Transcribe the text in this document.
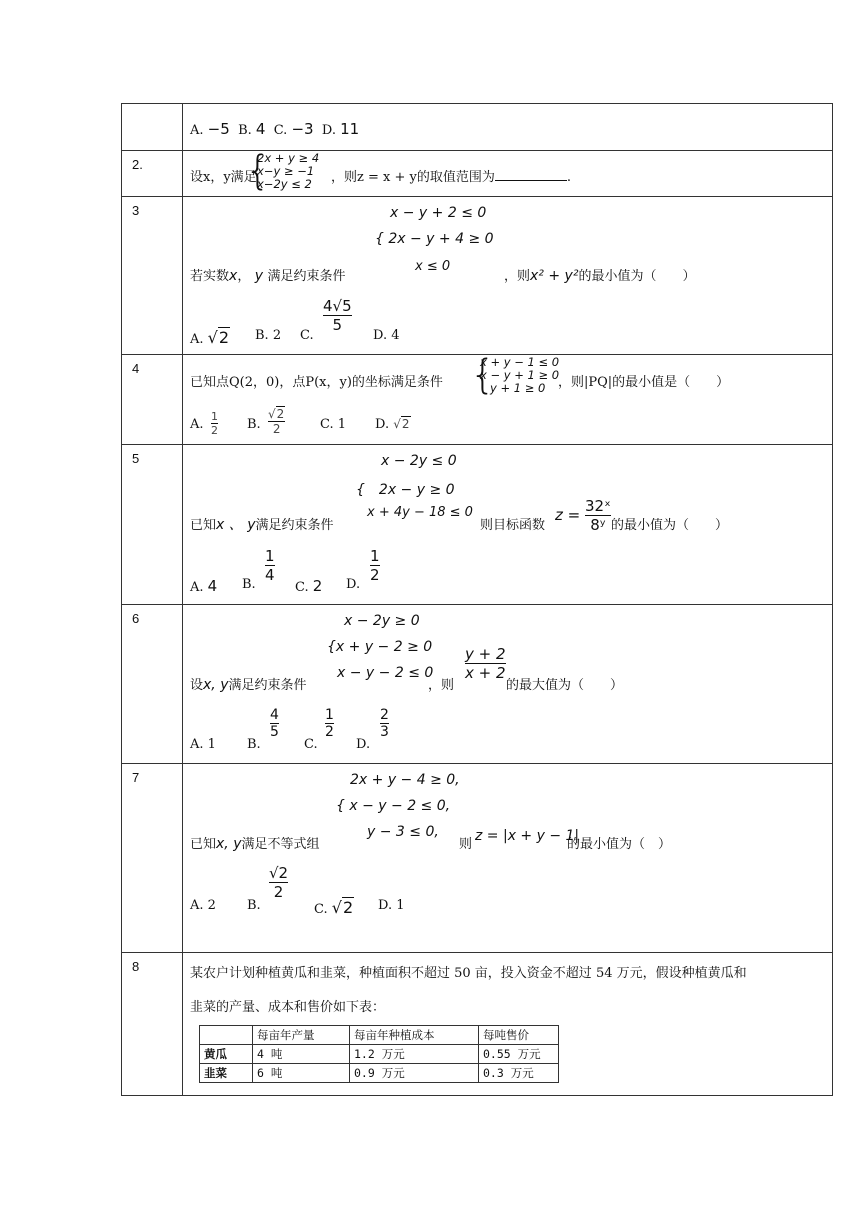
A. −5 B. 4 C. −3 D. 11
2.
设x，y满足
{
2x + y ≥ 4
x−y ≥ −1
x−2y ≤ 2	，则z = x + y的取值范围为	.
3	x − y + 2 ≤ 0
{ 2x − y + 4 ≥ 0
x ≤ 0
若实数x， y 满足约束条件	，则x² + y²的最小值为（　　）
A. √2 B. 2 C.
$\frac{4√5}{5}$
D. 4
4
已知点Q(2，0)，点P(x，y)的坐标满足条件 {
x + y − 1 ≤ 0
x − y + 1 ≥ 0
y + 1 ≥ 0 ，则|PQ|的最小值是（　　）
A. $\frac{1}{2} B$. $\frac{√2}{2}$	C. 1 D. √2
5	x − 2y ≤ 0
{　2x − y ≥ 0
x + 4y − 18 ≤ 0
已知x 、 y满足约束条件	则目标函数
$z = \frac{\text{32ˣ}}{\text{8ʸ}}$ 的最小值为（　　）
A. 4 B.
$\frac{1}{4}$
C. 2 D.
$\frac{1}{2}$
6	x − 2y ≥ 0
{x + y − 2 ≥ 0
x − y − 2 ≤ 0
设x, y满足约束条件	，则
$\frac{y + 2}{x + 2}$
的最大值为（　　）
A. 1 B.
$\frac{4}{5}$
C.
$\frac{1}{2}$
D.
$\frac{2}{3}$
7	2x + y − 4 ≥ 0,
{ x − y − 2 ≤ 0,
y − 3 ≤ 0,
已知x, y满足不等式组	则
z = |x + y − 1|
的最小值为（　）
A. 2 B.
$\frac{√2}{2}$
C. √2 D. 1
8	某农户计划种植黄瓜和韭菜，种植面积不超过 50 亩，投入资金不超过 54 万元，假设种植黄瓜和
韭菜的产量、成本和售价如下表：
	每亩年产量	每亩年种植成本	每吨售价
黄瓜	4 吨	1.2 万元	0.55 万元
韭菜	6 吨	0.9 万元	0.3 万元
